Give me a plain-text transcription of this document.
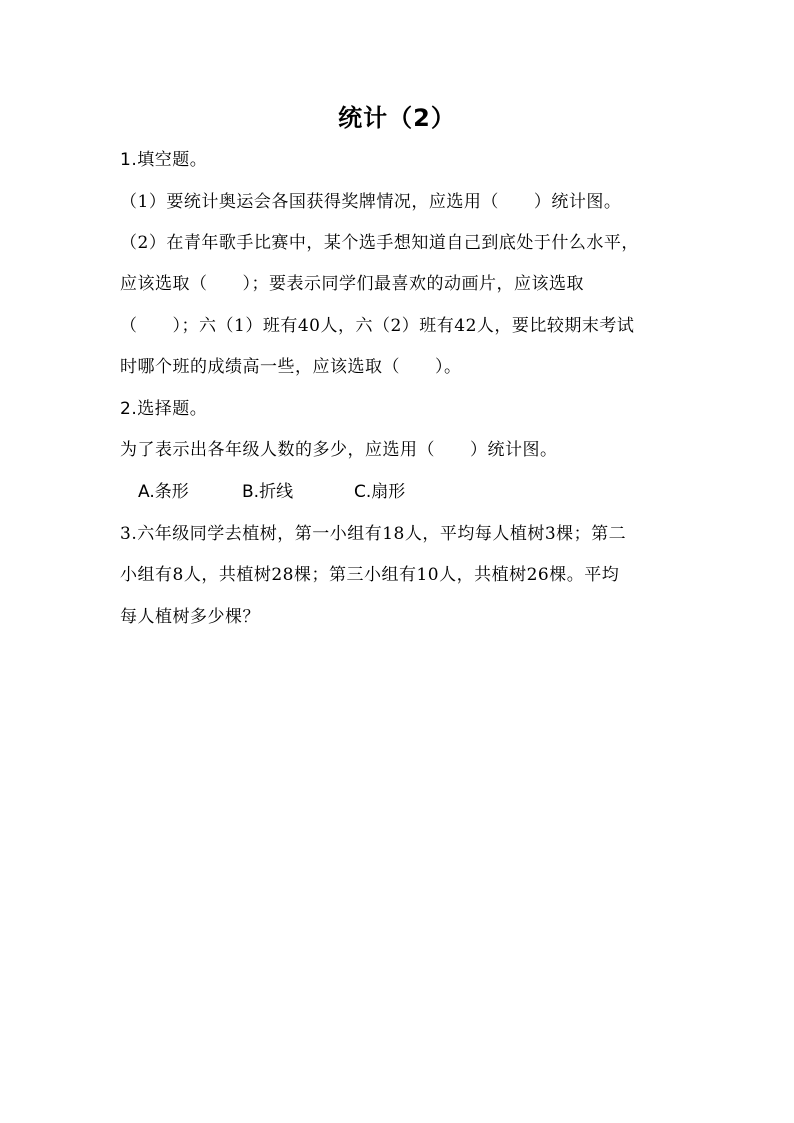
统计（2）
1.填空题。
（1）要统计奥运会各国获得奖牌情况，应选用（　　）统计图。
（2）在青年歌手比赛中，某个选手想知道自己到底处于什么水平，
应该选取（　　）；要表示同学们最喜欢的动画片，应该选取
（　　）；六（1）班有40人，六（2）班有42人，要比较期末考试
时哪个班的成绩高一些，应该选取（　　）。
2.选择题。
为了表示出各年级人数的多少，应选用（　　）统计图。
A.条形	B.折线	C.扇形
3.六年级同学去植树，第一小组有18人，平均每人植树3棵；第二
小组有8人，共植树28棵；第三小组有10人，共植树26棵。平均
每人植树多少棵？
